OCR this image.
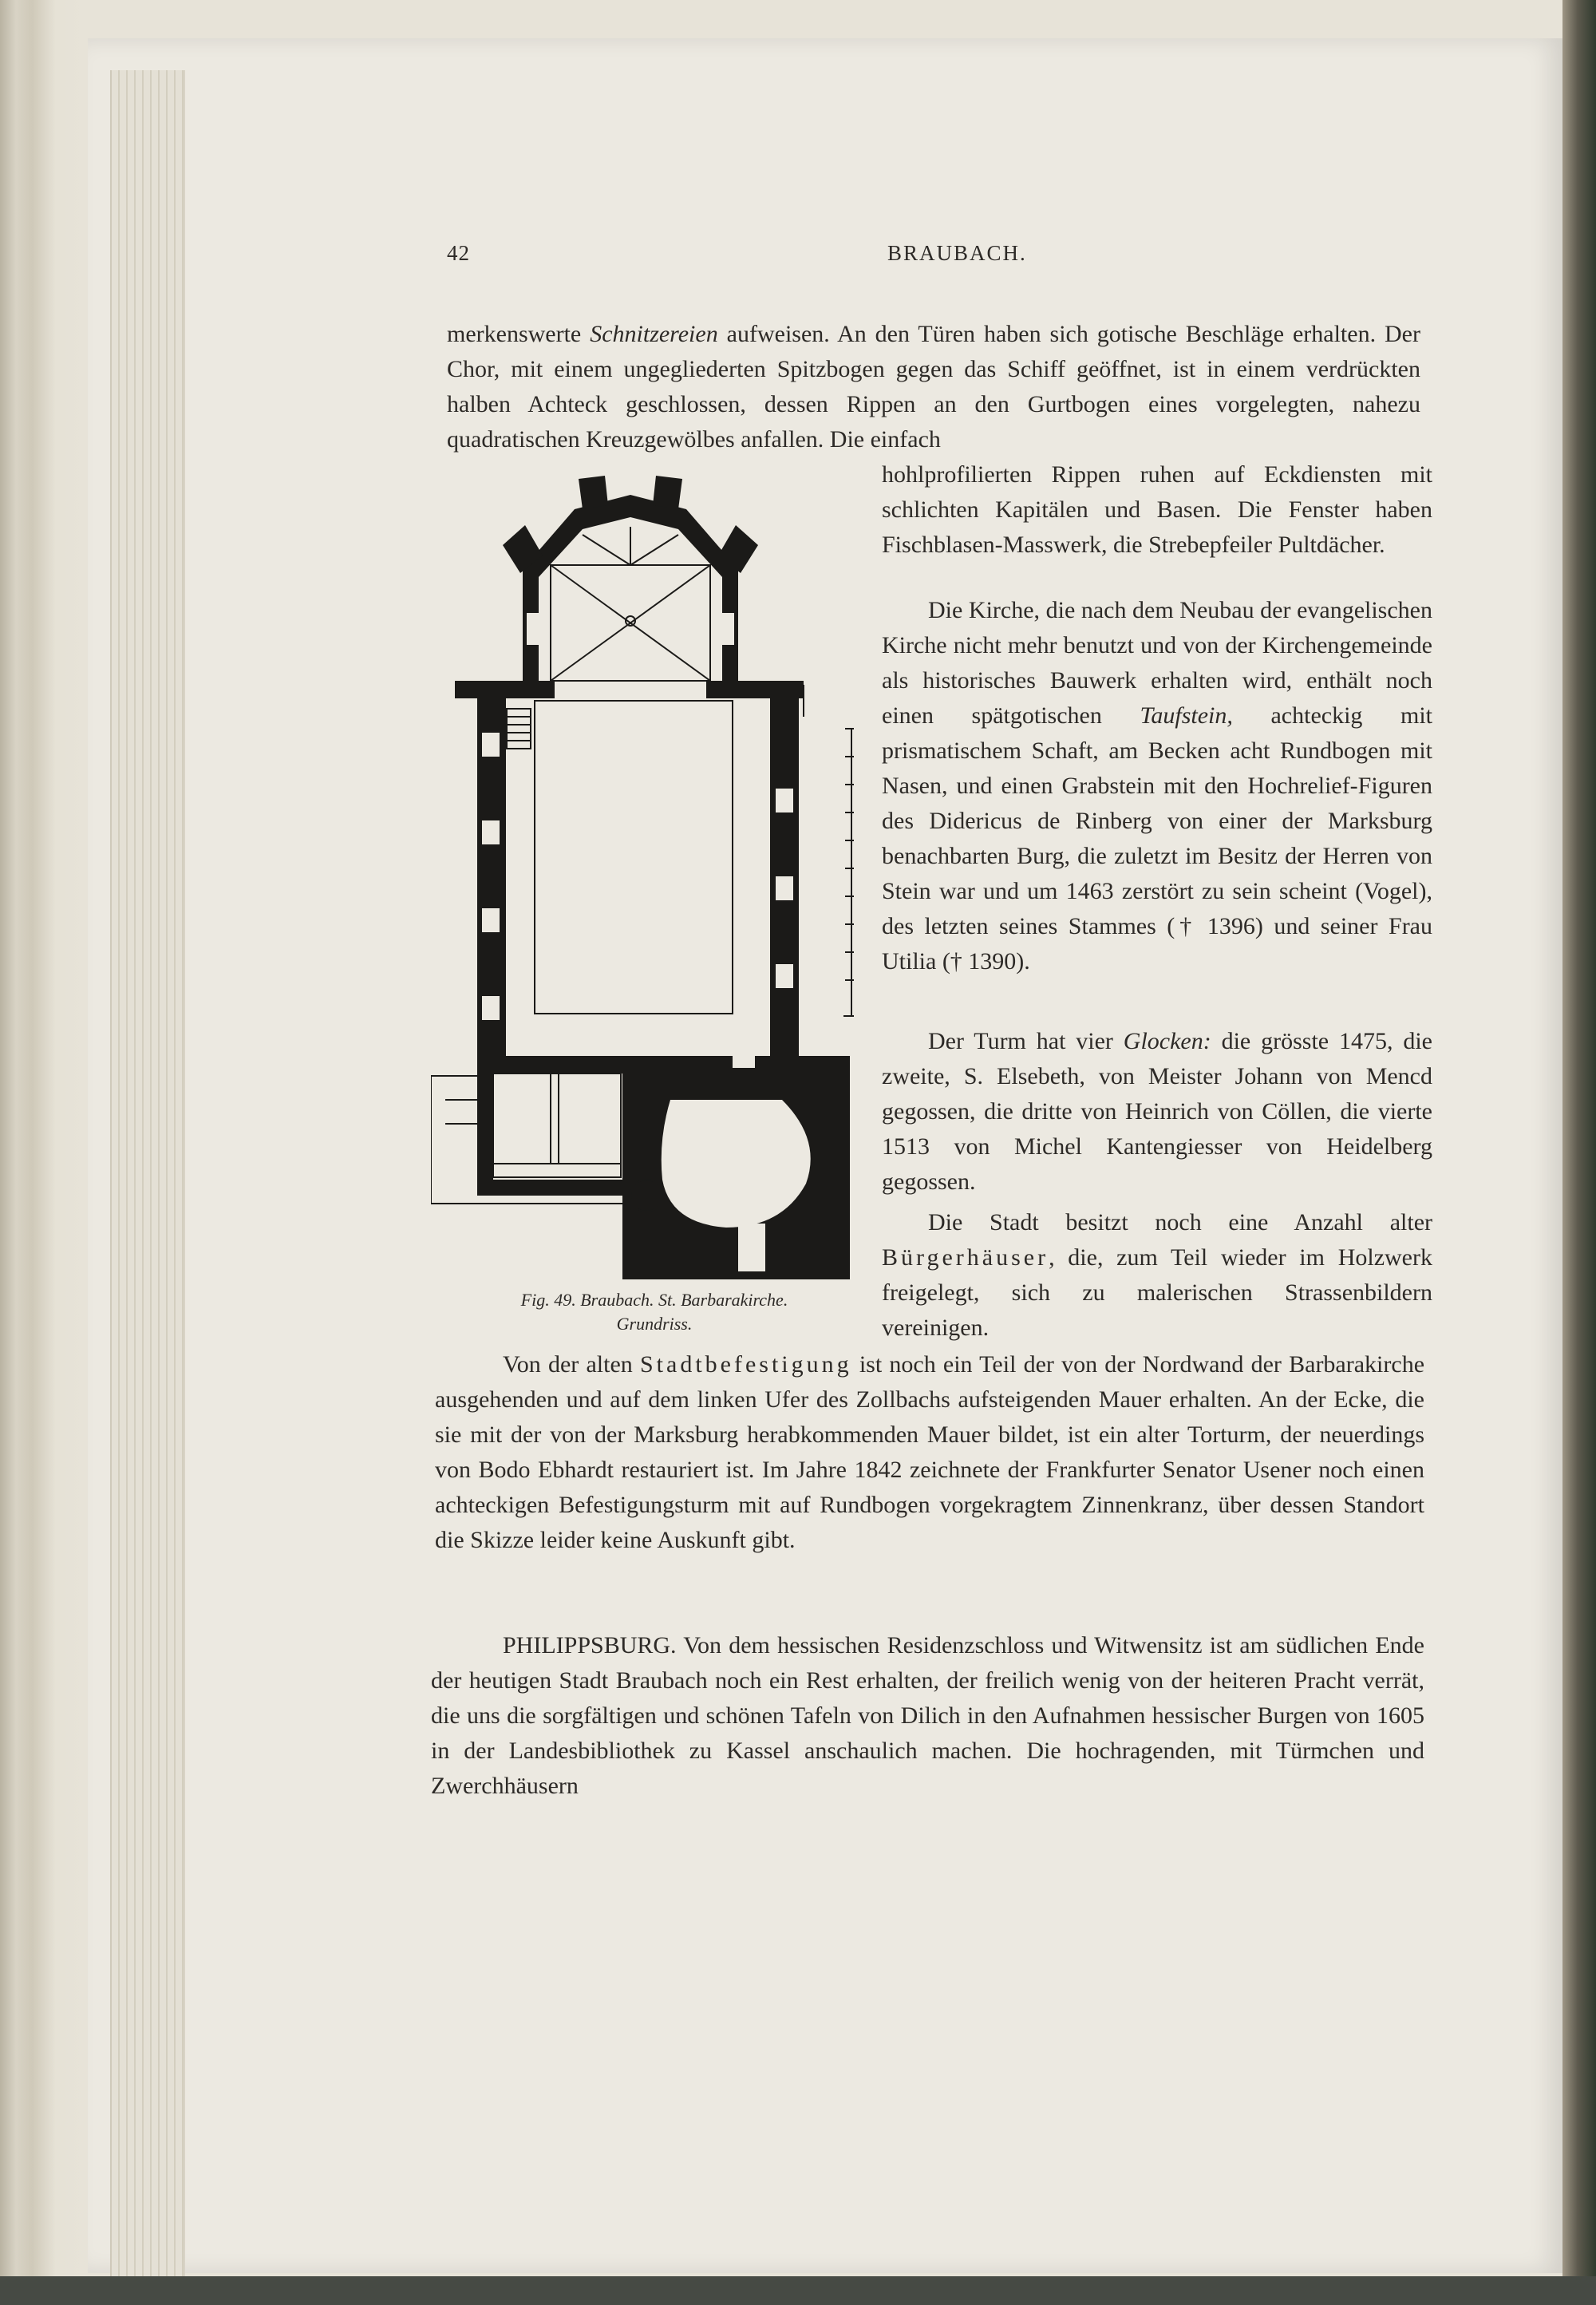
42	BRAUBACH.

merkenswerte Schnitzereien aufweisen. An den Türen haben sich gotische Beschläge erhalten. Der Chor, mit einem ungegliederten Spitzbogen gegen das Schiff geöffnet, ist in einem verdrückten halben Achteck geschlossen, dessen Rippen an den Gurtbogen eines vorgelegten, nahezu quadratischen Kreuzgewölbes anfallen. Die einfach

hohlprofilierten Rippen ruhen auf Eckdiensten mit schlichten Kapitälen und Basen. Die Fenster haben Fischblasen-Masswerk, die Strebepfeiler Pultdächer.

Die Kirche, die nach dem Neubau der evangelischen Kirche nicht mehr benutzt und von der Kirchengemeinde als historisches Bauwerk erhalten wird, enthält noch einen spätgotischen Taufstein, achteckig mit prismatischem Schaft, am Becken acht Rundbogen mit Nasen, und einen Grabstein mit den Hochrelief-Figuren des Didericus de Rinberg von einer der Marksburg benachbarten Burg, die zuletzt im Besitz der Herren von Stein war und um 1463 zerstört zu sein scheint (Vogel), des letzten seines Stammes († 1396) und seiner Frau Utilia († 1390).

Der Turm hat vier Glocken: die grösste 1475, die zweite, S. Elsebeth, von Meister Johann von Mencd gegossen, die dritte von Heinrich von Cöllen, die vierte 1513 von Michel Kantengiesser von Heidelberg gegossen.

Die Stadt besitzt noch eine Anzahl alter Bürgerhäuser, die, zum Teil wieder im Holzwerk freigelegt, sich zu malerischen Strassenbildern vereinigen.

Von der alten Stadtbefestigung ist noch ein Teil der von der Nordwand der Barbarakirche ausgehenden und auf dem linken Ufer des Zollbachs aufsteigenden Mauer erhalten. An der Ecke, die sie mit der von der Marksburg herabkommenden Mauer bildet, ist ein alter Torturm, der neuerdings von Bodo Ebhardt restauriert ist. Im Jahre 1842 zeichnete der Frankfurter Senator Usener noch einen achteckigen Befestigungsturm mit auf Rundbogen vorgekragtem Zinnenkranz, über dessen Standort die Skizze leider keine Auskunft gibt.

PHILIPPSBURG. Von dem hessischen Residenzschloss und Witwensitz ist am südlichen Ende der heutigen Stadt Braubach noch ein Rest erhalten, der freilich wenig von der heiteren Pracht verrät, die uns die sorgfältigen und schönen Tafeln von Dilich in den Aufnahmen hessischer Burgen von 1605 in der Landesbibliothek zu Kassel anschaulich machen. Die hochragenden, mit Türmchen und Zwerchhäusern

Fig. 49. Braubach. St. Barbarakirche.
Grundriss.
